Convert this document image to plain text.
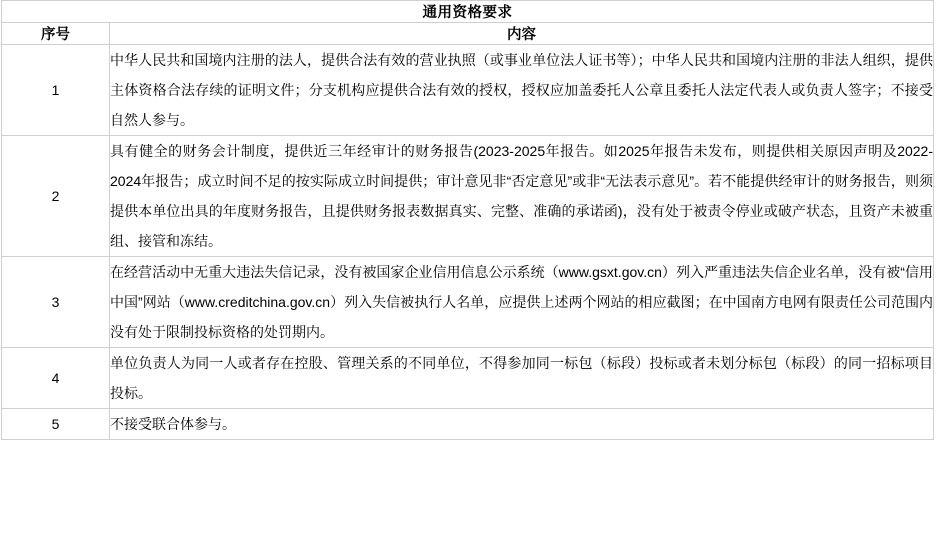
通用资格要求	
序号	内容
1	中华人民共和国境内注册的法人，提供合法有效的营业执照（或事业单位法人证书等）；中华人民共和国境内注册的非法人组织，提供主体资格合法存续的证明文件；分支机构应提供合法有效的授权，授权应加盖委托人公章且委托人法定代表人或负责人签字；不接受自然人参与。
2	具有健全的财务会计制度，提供近三年经审计的财务报告(2023-2025年报告。如2025年报告未发布，则提供相关原因声明及2022-2024年报告；成立时间不足的按实际成立时间提供；审计意见非“否定意见”或非“无法表示意见”。若不能提供经审计的财务报告，则须提供本单位出具的年度财务报告，且提供财务报表数据真实、完整、准确的承诺函)，没有处于被责令停业或破产状态，且资产未被重组、接管和冻结。
3	在经营活动中无重大违法失信记录，没有被国家企业信用信息公示系统（www.gsxt.gov.cn）列入严重违法失信企业名单，没有被“信用中国”网站（www.creditchina.gov.cn）列入失信被执行人名单，应提供上述两个网站的相应截图；在中国南方电网有限责任公司范围内没有处于限制投标资格的处罚期内。
4	单位负责人为同一人或者存在控股、管理关系的不同单位，不得参加同一标包（标段）投标或者未划分标包（标段）的同一招标项目投标。
5	不接受联合体参与。
